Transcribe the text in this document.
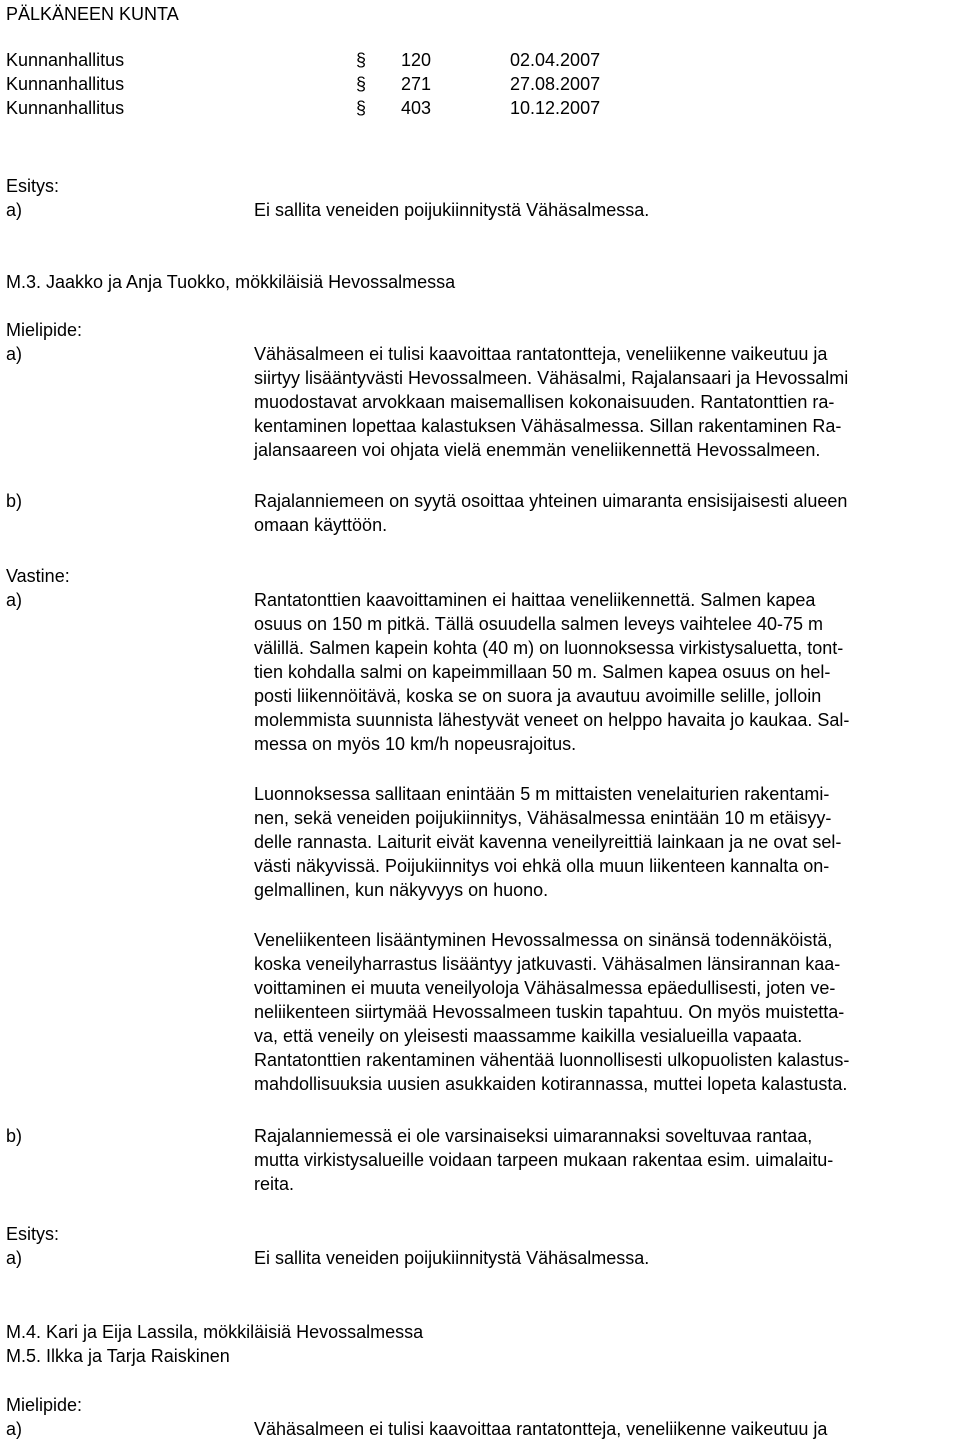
PÄLKÄNEEN KUNTA
Kunnanhallitus	§ 120	02.04.2007
Kunnanhallitus	§ 271	27.08.2007
Kunnanhallitus	§ 403	10.12.2007
Esitys:
a)	Ei sallita veneiden poijukiinnitystä Vähäsalmessa.
M.3. Jaakko ja Anja Tuokko, mökkiläisiä Hevossalmessa
Mielipide:
a)	Vähäsalmeen ei tulisi kaavoittaa rantatontteja, veneliikenne vaikeutuu ja
siirtyy lisääntyvästi Hevossalmeen. Vähäsalmi, Rajalansaari ja Hevossalmi
muodostavat arvokkaan maisemallisen kokonaisuuden. Rantatonttien ra-
kentaminen lopettaa kalastuksen Vähäsalmessa. Sillan rakentaminen Ra-
jalansaareen voi ohjata vielä enemmän veneliikennettä Hevossalmeen.
b)	Rajalanniemeen on syytä osoittaa yhteinen uimaranta ensisijaisesti alueen
omaan käyttöön.
Vastine:
a)	Rantatonttien kaavoittaminen ei haittaa veneliikennettä. Salmen kapea
osuus on 150 m pitkä. Tällä osuudella salmen leveys vaihtelee 40-75 m
välillä. Salmen kapein kohta (40 m) on luonnoksessa virkistysaluetta, tont-
tien kohdalla salmi on kapeimmillaan 50 m. Salmen kapea osuus on hel-
posti liikennöitävä, koska se on suora ja avautuu avoimille selille, jolloin
molemmista suunnista lähestyvät veneet on helppo havaita jo kaukaa. Sal-
messa on myös 10 km/h nopeusrajoitus.
Luonnoksessa sallitaan enintään 5 m mittaisten venelaiturien rakentami-
nen, sekä veneiden poijukiinnitys, Vähäsalmessa enintään 10 m etäisyy-
delle rannasta. Laiturit eivät kavenna veneilyreittiä lainkaan ja ne ovat sel-
västi näkyvissä. Poijukiinnitys voi ehkä olla muun liikenteen kannalta on-
gelmallinen, kun näkyvyys on huono.
Veneliikenteen lisääntyminen Hevossalmessa on sinänsä todennäköistä,
koska veneilyharrastus lisääntyy jatkuvasti. Vähäsalmen länsirannan kaa-
voittaminen ei muuta veneilyoloja Vähäsalmessa epäedullisesti, joten ve-
neliikenteen siirtymää Hevossalmeen tuskin tapahtuu. On myös muistetta-
va, että veneily on yleisesti maassamme kaikilla vesialueilla vapaata.
Rantatonttien rakentaminen vähentää luonnollisesti ulkopuolisten kalastus-
mahdollisuuksia uusien asukkaiden kotirannassa, muttei lopeta kalastusta.
b)	Rajalanniemessä ei ole varsinaiseksi uimarannaksi soveltuvaa rantaa,
mutta virkistysalueille voidaan tarpeen mukaan rakentaa esim. uimalaitu-
reita.
Esitys:
a)	Ei sallita veneiden poijukiinnitystä Vähäsalmessa.
M.4. Kari ja Eija Lassila, mökkiläisiä Hevossalmessa
M.5. Ilkka ja Tarja Raiskinen
Mielipide:
a)	Vähäsalmeen ei tulisi kaavoittaa rantatontteja, veneliikenne vaikeutuu ja
